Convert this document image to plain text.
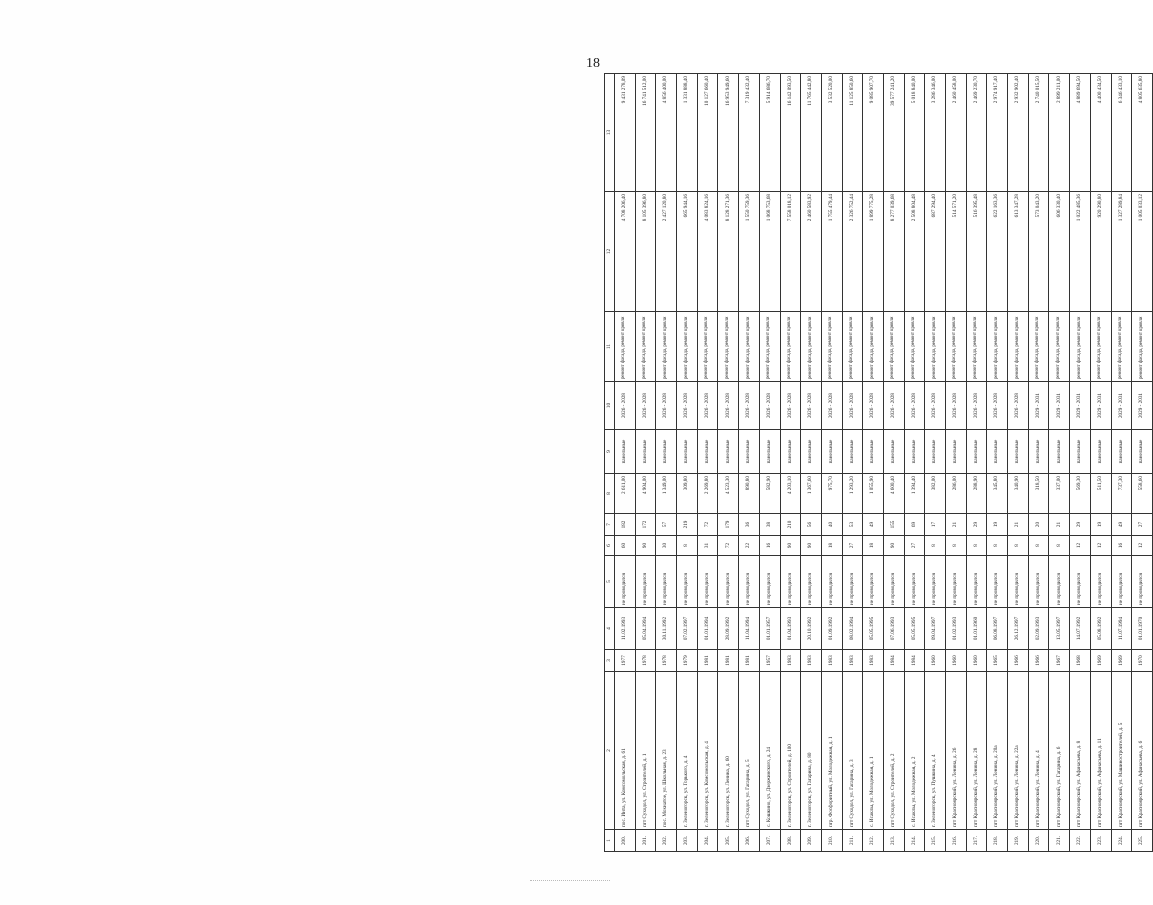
18
1	2	3	4	5	6	7	8	9	10	11	12	13
200.	пос. Инта, ул. Комсомольская, д. 61	1977	11.02.1993	не проводился	60	182	2 611,00	панельные	2026 - 2028	ремонт фасада, ремонт кровли	4 708 206,40	9 431 278,09
201.	пгт Суходол, ул. Строителей, д. 1	1978	05.04.1994	не проводился	90	172	4 904,00	панельные	2026 - 2028	ремонт фасада, ремонт кровли	8 105 396,80	16 741 512,00
202.	пос. Мохнатое, ул. Школьная, д. 23	1978	30.11.1992	не проводился	30	57	1 349,00	панельные	2026 - 2028	ремонт фасада, ремонт кровли	2 427 120,80	4 856 400,00
203.	г. Зеленогорск, ул. Горького, д. 4	1979	07.02.1997	не проводился	8	219	309,80	панельные	2026 - 2028	ремонт фасада, ремонт кровли	665 944,16	1 331 888,40
204.	г. Зеленогорск, ул. Комсомольская, д. 4	1981	01.01.1994	не проводился	31	72	2 269,80	панельные	2026 - 2028	ремонт фасада, ремонт кровли	4 083 824,16	10 127 660,40
205.	г. Зеленогорск, ул. Ленина, д. 60	1981	28.09.1992	не проводился	72	179	4 523,30	панельные	2026 - 2028	ремонт фасада, ремонт кровли	8 128 271,36	16 953 949,60
206.	пгт Суходол, ул. Гагарина, д. 5	1981	11.04.1994	не проводился	22	36	890,80	панельные	2026 - 2028	ремонт фасада, ремонт кровли	1 550 759,36	7 319 432,40
207.	с. Кошкино, ул. Дзержинского, д. 24	1957	01.01.1957	не проводился	16	38	582,90	панельные	2026 - 2028	ремонт фасада, ремонт кровли	1 068 753,68	5 914 686,70
208.	г. Зеленогорск, ул. Строителей, д. 100	1983	01.04.1993	не проводился	90	210	4 203,10	панельные	2026 - 2028	ремонт фасада, ремонт кровли	7 558 018,12	16 142 093,50
209.	г. Зеленогорск, ул. Гагарина, д. 80	1983	20.10.1992	не проводился	90	56	1 367,60	панельные	2026 - 2028	ремонт фасада, ремонт кровли	2 460 583,92	11 765 442,80
210.	пгр. Фосфоритный, ул. Молодежная, д. 1	1983	01.09.1992	не проводился	18	40	975,70	панельные	2026 - 2028	ремонт фасада, ремонт кровли	1 755 479,44	3 532 520,00
211.	пгт Суходол, ул. Гагарина, д. 3	1983	08.02.1994	не проводился	27	53	1 293,20	панельные	2026 - 2028	ремонт фасада, ремонт кровли	2 326 752,44	11 125 850,60
212.	с. Исаклы, ул. Молодежная, д. 1	1983	05.05.1995	не проводился	18	49	1 055,90	панельные	2026 - 2028	ремонт фасада, ремонт кровли	1 899 775,28	9 085 907,70
213.	пгт Суходол, ул. Строителей, д. 2	1984	07.06.1993	не проводился	90	155	4 600,40	панельные	2026 - 2028	ремонт фасада, ремонт кровли	8 277 039,68	39 577 241,20
214.	с. Исаклы, ул. Молодежная, д. 2	1984	05.05.1995	не проводился	27	69	1 394,40	панельные	2026 - 2028	ремонт фасада, ремонт кровли	2 508 804,48	5 018 840,00
215.	г. Зеленогорск, ул. Пушкина, д. 4	1960	09.04.1997	не проводился	8	17	382,00	панельные	2026 - 2028	ремонт фасада, ремонт кровли	687 294,40	3 286 346,00
216.	пгт Красноярский, ул. Ленина, д. 26	1960	01.02.1993	не проводился	8	21	286,00	панельные	2026 - 2028	ремонт фасада, ремонт кровли	514 571,20	2 460 458,00
217.	пгт Красноярский, ул. Ленина, д. 28	1960	01.01.1960	не проводился	8	29	288,90	панельные	2026 - 2028	ремонт фасада, ремонт кровли	516 395,48	2 469 230,70
218.	пгт Красноярский, ул. Ленина, д. 20а	1965	06.08.1997	не проводился	8	19	345,80	панельные	2026 - 2028	ремонт фасада, ремонт кровли	622 163,36	2 974 917,40
219.	пгт Красноярский, ул. Ленина, д. 22а	1966	26.12.1997	не проводился	8	21	340,90	панельные	2026 - 2028	ремонт фасада, ремонт кровли	613 347,28	2 932 902,40
220.	пгт Красноярский, ул. Ленина, д. 4	1966	02.09.1993	не проводился	8	20	318,50	панельные	2029 - 2031	ремонт фасада, ремонт кровли	573 043,20	2 740 015,50
221.	пгт Красноярский, ул. Гагарина, д. 6	1967	13.05.1997	не проводился	8	21	337,00	панельные	2029 - 2031	ремонт фасада, ремонт кровли	606 330,40	2 899 211,00
222.	пгт Красноярский, ул. Афанасьева, д. 8	1968	14.07.1992	не проводился	12	29	569,30	панельные	2029 - 2031	ремонт фасада, ремонт кровли	1 022 485,36	4 889 694,50
223.	пгт Красноярский, ул. Афанасьева, д. 11	1969	05.08.1992	не проводился	12	19	511,50	панельные	2029 - 2031	ремонт фасада, ремонт кровли	920 290,80	4 400 434,50
224.	пгт Красноярский, ул. Машиностроителей, д. 5	1969	11.07.1994	не проводился	16	49	737,30	панельные	2029 - 2031	ремонт фасада, ремонт кровли	1 327 289,84	6 346 433,10
225.	пгт Красноярский, ул. Афанасьева, д. 6	1970	01.01.1970	не проводился	12	27	558,60	панельные	2029 - 2031	ремонт фасада, ремонт кровли	1 005 033,12	4 805 635,80
